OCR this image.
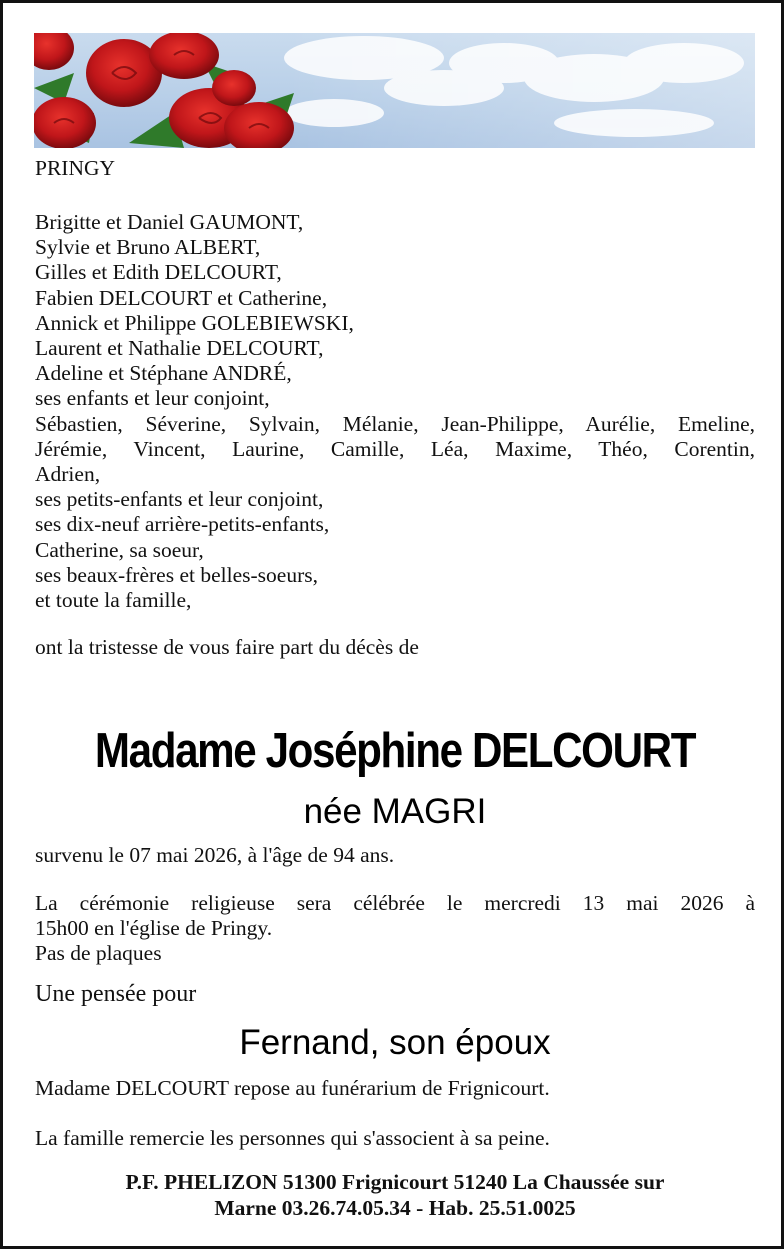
PRINGY
Brigitte et Daniel GAUMONT,
Sylvie et Bruno ALBERT,
Gilles et Edith DELCOURT,
Fabien DELCOURT et Catherine,
Annick et Philippe GOLEBIEWSKI,
Laurent et Nathalie DELCOURT,
Adeline et Stéphane ANDRÉ,
ses enfants et leur conjoint,
Sébastien, Séverine, Sylvain, Mélanie, Jean-Philippe, Aurélie, Emeline,
Jérémie, Vincent, Laurine, Camille, Léa, Maxime, Théo, Corentin,
Adrien,
ses petits-enfants et leur conjoint,
ses dix-neuf arrière-petits-enfants,
Catherine, sa soeur,
ses beaux-frères et belles-soeurs,
et toute la famille,
ont la tristesse de vous faire part du décès de
Madame Joséphine DELCOURT
née MAGRI
survenu le 07 mai 2026, à l'âge de 94 ans.
La cérémonie religieuse sera célébrée le mercredi 13 mai 2026 à
15h00 en l'église de Pringy.
Pas de plaques
Une pensée pour
Fernand, son époux
Madame DELCOURT repose au funérarium de Frignicourt.
La famille remercie les personnes qui s'associent à sa peine.
P.F. PHELIZON 51300 Frignicourt 51240 La Chaussée sur
Marne 03.26.74.05.34 - Hab. 25.51.0025
